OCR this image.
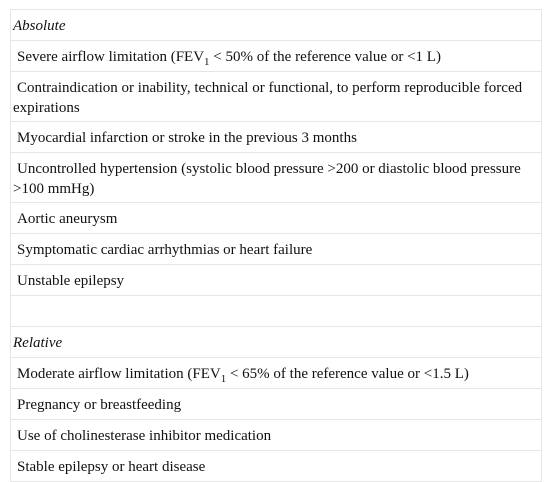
Absolute
Severe airflow limitation ($FEV_1 < 50\%$ of the reference value or <1 L)
Contraindication or inability, technical or functional, to perform reproducible forced expirations
Myocardial infarction or stroke in the previous 3 months
Uncontrolled hypertension (systolic blood pressure >200 or diastolic blood pressure >100 mmHg)
Aortic aneurysm
Symptomatic cardiac arrhythmias or heart failure
Unstable epilepsy
Relative
Moderate airflow limitation ($FEV_1 < 65\%$ of the reference value or <1.5 L)
Pregnancy or breastfeeding
Use of cholinesterase inhibitor medication
Stable epilepsy or heart disease
